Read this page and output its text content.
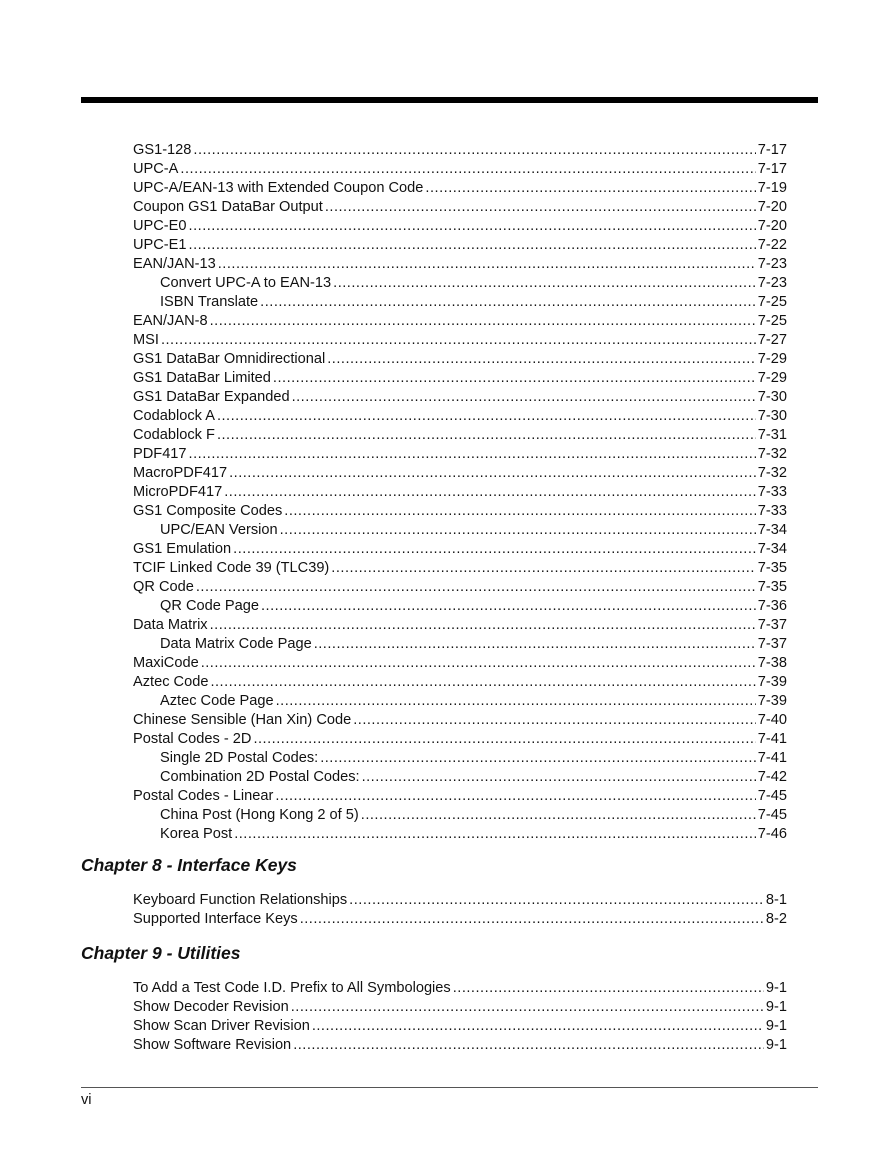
GS1-128 .....	7-17
UPC-A .....	7-17
UPC-A/EAN-13 with Extended Coupon Code .....	7-19
Coupon GS1 DataBar Output .....	7-20
UPC-E0 .....	7-20
UPC-E1 .....	7-22
EAN/JAN-13 .....	7-23
Convert UPC-A to EAN-13 .....	7-23
ISBN Translate .....	7-25
EAN/JAN-8 .....	7-25
MSI .....	7-27
GS1 DataBar Omnidirectional .....	7-29
GS1 DataBar Limited .....	7-29
GS1 DataBar Expanded .....	7-30
Codablock A .....	7-30
Codablock F .....	7-31
PDF417 .....	7-32
MacroPDF417 .....	7-32
MicroPDF417 .....	7-33
GS1 Composite Codes .....	7-33
UPC/EAN Version .....	7-34
GS1 Emulation .....	7-34
TCIF Linked Code 39 (TLC39) .....	7-35
QR Code .....	7-35
QR Code Page .....	7-36
Data Matrix .....	7-37
Data Matrix Code Page .....	7-37
MaxiCode .....	7-38
Aztec Code .....	7-39
Aztec Code Page .....	7-39
Chinese Sensible (Han Xin) Code .....	7-40
Postal Codes - 2D .....	7-41
Single 2D Postal Codes: .....	7-41
Combination 2D Postal Codes: .....	7-42
Postal Codes - Linear .....	7-45
China Post (Hong Kong 2 of 5) .....	7-45
Korea Post .....	7-46
Chapter 8 - Interface Keys
Keyboard Function Relationships .....	8-1
Supported Interface Keys .....	8-2
Chapter 9 - Utilities
To Add a Test Code I.D. Prefix to All Symbologies .....	9-1
Show Decoder Revision .....	9-1
Show Scan Driver Revision .....	9-1
Show Software Revision .....	9-1
vi
